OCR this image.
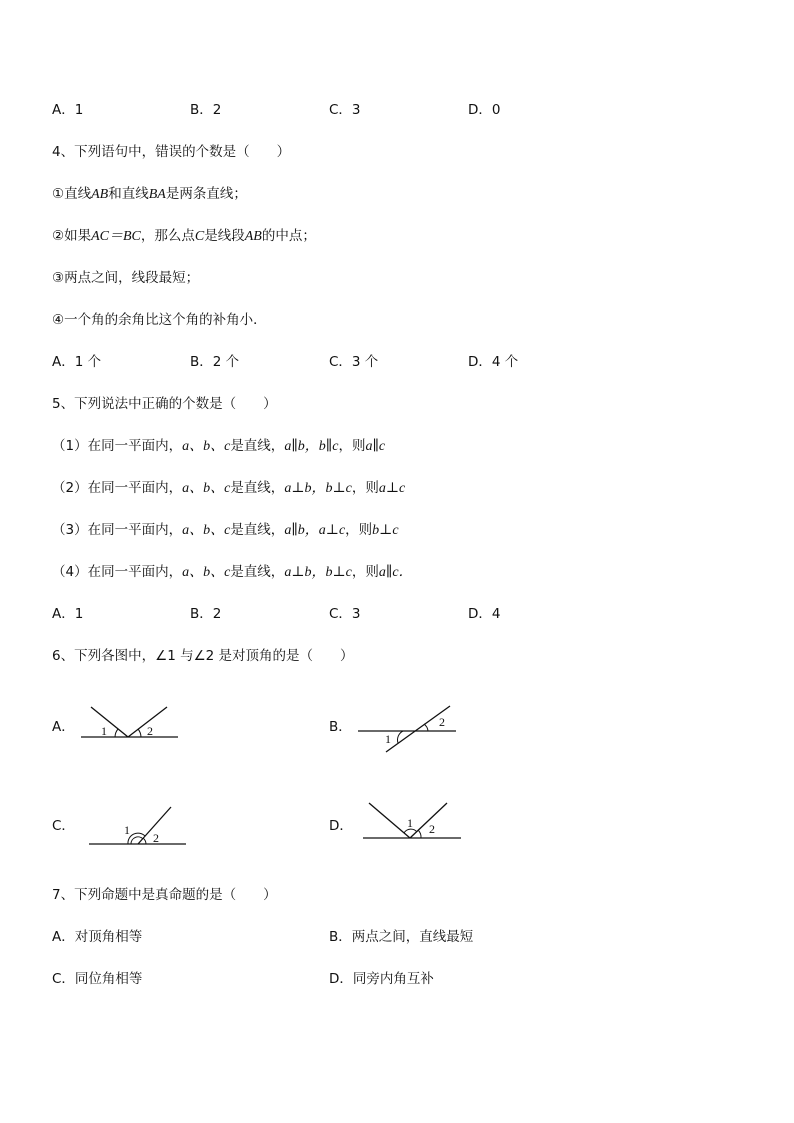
A．1	B．2	C．3	D．0
4、下列语句中，错误的个数是（　　）
①直线AB和直线BA是两条直线；
②如果AC＝BC，那么点C是线段AB的中点；
③两点之间，线段最短；
④一个角的余角比这个角的补角小．
A．1 个	B．2 个	C．3 个	D．4 个
5、下列说法中正确的个数是（　　）
（1）在同一平面内，a、b、c是直线，a∥b，b∥c，则a∥c
（2）在同一平面内，a、b、c是直线，a⊥b，b⊥c，则a⊥c
（3）在同一平面内，a、b、c是直线，a∥b，a⊥c，则b⊥c
（4）在同一平面内，a、b、c是直线，a⊥b，b⊥c，则a∥c．
A．1	B．2	C．3	D．4
6、下列各图中，∠1 与∠2 是对顶角的是（　　）
A． 1	2	B．	2
1
C．	1
2
D．	1 2
7、下列命题中是真命题的是（　　）
A．对顶角相等	B．两点之间，直线最短
C．同位角相等	D．同旁内角互补
